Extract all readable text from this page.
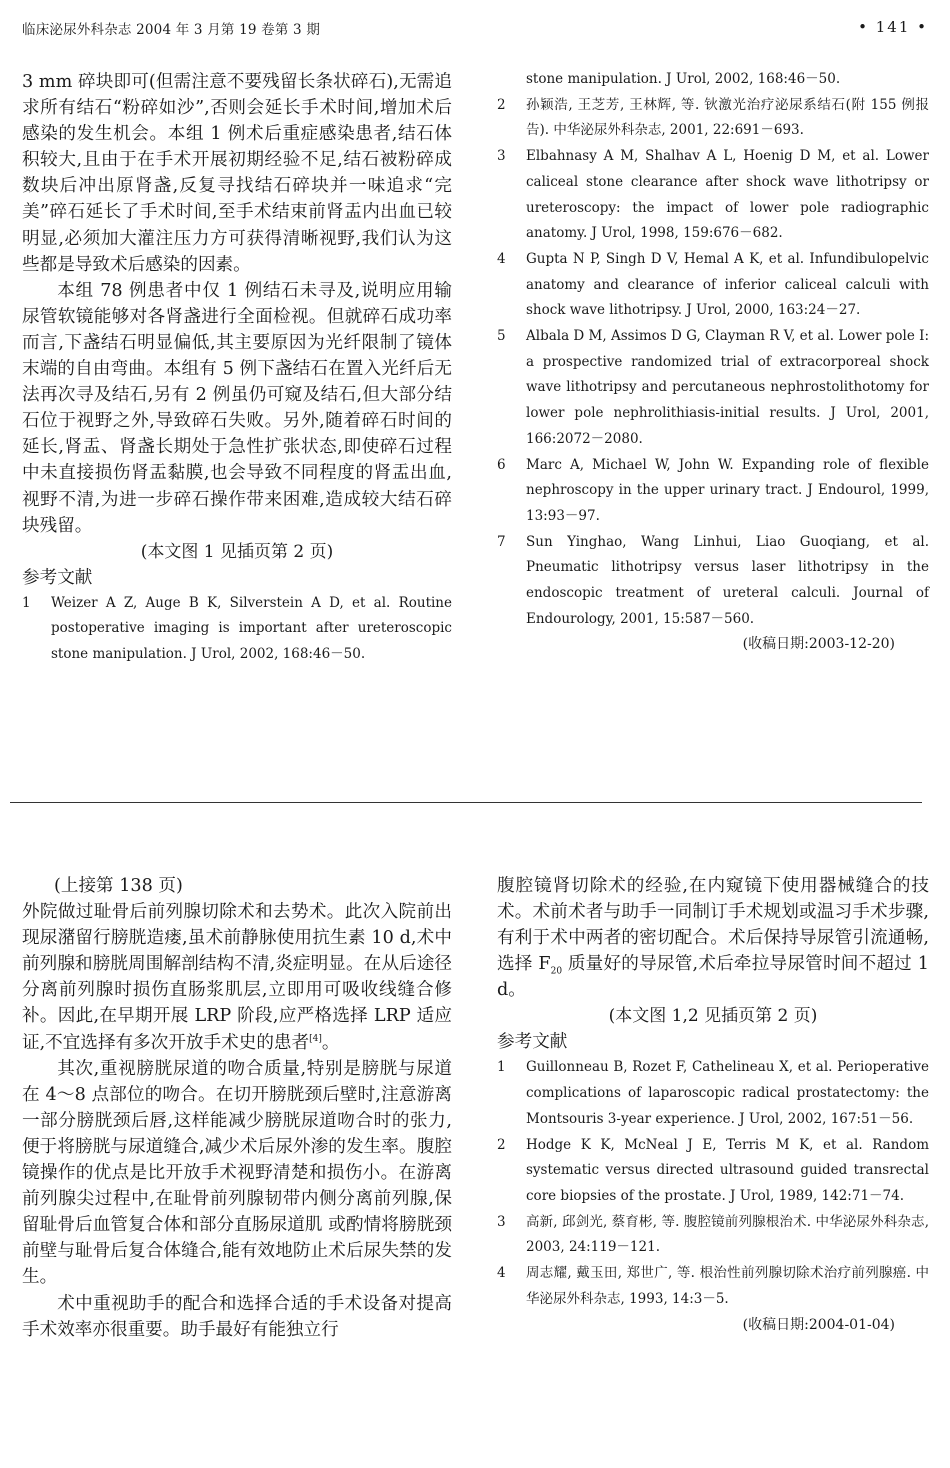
临床泌尿外科杂志 2004 年 3 月第 19 卷第 3 期	• 141 •

3 mm 碎块即可(但需注意不要残留长条状碎石),无需追求所有结石“粉碎如沙”,否则会延长手术时间,增加术后感染的发生机会。本组 1 例术后重症感染患者,结石体积较大,且由于在手术开展初期经验不足,结石被粉碎成数块后冲出原肾盏,反复寻找结石碎块并一味追求“完美”碎石延长了手术时间,至手术结束前肾盂内出血已较明显,必须加大灌注压力方可获得清晰视野,我们认为这些都是导致术后感染的因素。

本组 78 例患者中仅 1 例结石未寻及,说明应用输尿管软镜能够对各肾盏进行全面检视。但就碎石成功率而言,下盏结石明显偏低,其主要原因为光纤限制了镜体末端的自由弯曲。本组有 5 例下盏结石在置入光纤后无法再次寻及结石,另有 2 例虽仍可窥及结石,但大部分结石位于视野之外,导致碎石失败。另外,随着碎石时间的延长,肾盂、肾盏长期处于急性扩张状态,即使碎石过程中未直接损伤肾盂黏膜,也会导致不同程度的肾盂出血,视野不清,为进一步碎石操作带来困难,造成较大结石碎块残留。

(本文图 1 见插页第 2 页)

参考文献

1 Weizer A Z, Auge B K, Silverstein A D, et al. Routine postoperative imaging is important after ureteroscopic stone manipulation. J Urol, 2002, 168:46－50.
stone manipulation. J Urol, 2002, 168:46－50.
2 孙颖浩, 王芝芳, 王林辉, 等. 钬激光治疗泌尿系结石(附 155 例报告). 中华泌尿外科杂志, 2001, 22:691－693.
3 Elbahnasy A M, Shalhav A L, Hoenig D M, et al. Lower caliceal stone clearance after shock wave lithotripsy or ureteroscopy: the impact of lower pole radiographic anatomy. J Urol, 1998, 159:676－682.
4 Gupta N P, Singh D V, Hemal A K, et al. Infundibulopelvic anatomy and clearance of inferior caliceal calculi with shock wave lithotripsy. J Urol, 2000, 163:24－27.
5 Albala D M, Assimos D G, Clayman R V, et al. Lower pole I: a prospective randomized trial of extracorporeal shock wave lithotripsy and percutaneous nephrostolithotomy for lower pole nephrolithiasis-initial results. J Urol, 2001, 166:2072－2080.
6 Marc A, Michael W, John W. Expanding role of flexible nephroscopy in the upper urinary tract. J Endourol, 1999, 13:93－97.
7 Sun Yinghao, Wang Linhui, Liao Guoqiang, et al. Pneumatic lithotripsy versus laser lithotripsy in the endoscopic treatment of ureteral calculi. Journal of Endourology, 2001, 15:587－560.
(收稿日期:2003-12-20)

(上接第 138 页)

外院做过耻骨后前列腺切除术和去势术。此次入院前出现尿潴留行膀胱造瘘,虽术前静脉使用抗生素 10 d,术中前列腺和膀胱周围解剖结构不清,炎症明显。在从后途径分离前列腺时损伤直肠浆肌层,立即用可吸收线缝合修补。因此,在早期开展 LRP 阶段,应严格选择 LRP 适应证,不宜选择有多次开放手术史的患者[4]。

其次,重视膀胱尿道的吻合质量,特别是膀胱与尿道在 4～8 点部位的吻合。在切开膀胱颈后壁时,注意游离一部分膀胱颈后唇,这样能减少膀胱尿道吻合时的张力,便于将膀胱与尿道缝合,减少术后尿外渗的发生率。腹腔镜操作的优点是比开放手术视野清楚和损伤小。在游离前列腺尖过程中,在耻骨前列腺韧带内侧分离前列腺,保留耻骨后血管复合体和部分直肠尿道肌 或酌情将膀胱颈前壁与耻骨后复合体缝合,能有效地防止术后尿失禁的发生。

术中重视助手的配合和选择合适的手术设备对提高手术效率亦很重要。助手最好有能独立行

腹腔镜肾切除术的经验,在内窥镜下使用器械缝合的技术。术前术者与助手一同制订手术规划或温习手术步骤,有利于术中两者的密切配合。术后保持导尿管引流通畅,选择 $F_{20}$ 质量好的导尿管,术后牵拉导尿管时间不超过 1 d。

(本文图 1,2 见插页第 2 页)

参考文献

1 Guillonneau B, Rozet F, Cathelineau X, et al. Perioperative complications of laparoscopic radical prostatectomy: the Montsouris 3-year experience. J Urol, 2002, 167:51－56.
2 Hodge K K, McNeal J E, Terris M K, et al. Random systematic versus directed ultrasound guided transrectal core biopsies of the prostate. J Urol, 1989, 142:71－74.
3 高新, 邱剑光, 蔡育彬, 等. 腹腔镜前列腺根治术. 中华泌尿外科杂志, 2003, 24:119－121.
4 周志耀, 戴玉田, 郑世广, 等. 根治性前列腺切除术治疗前列腺癌. 中华泌尿外科杂志, 1993, 14:3－5.
(收稿日期:2004-01-04)
